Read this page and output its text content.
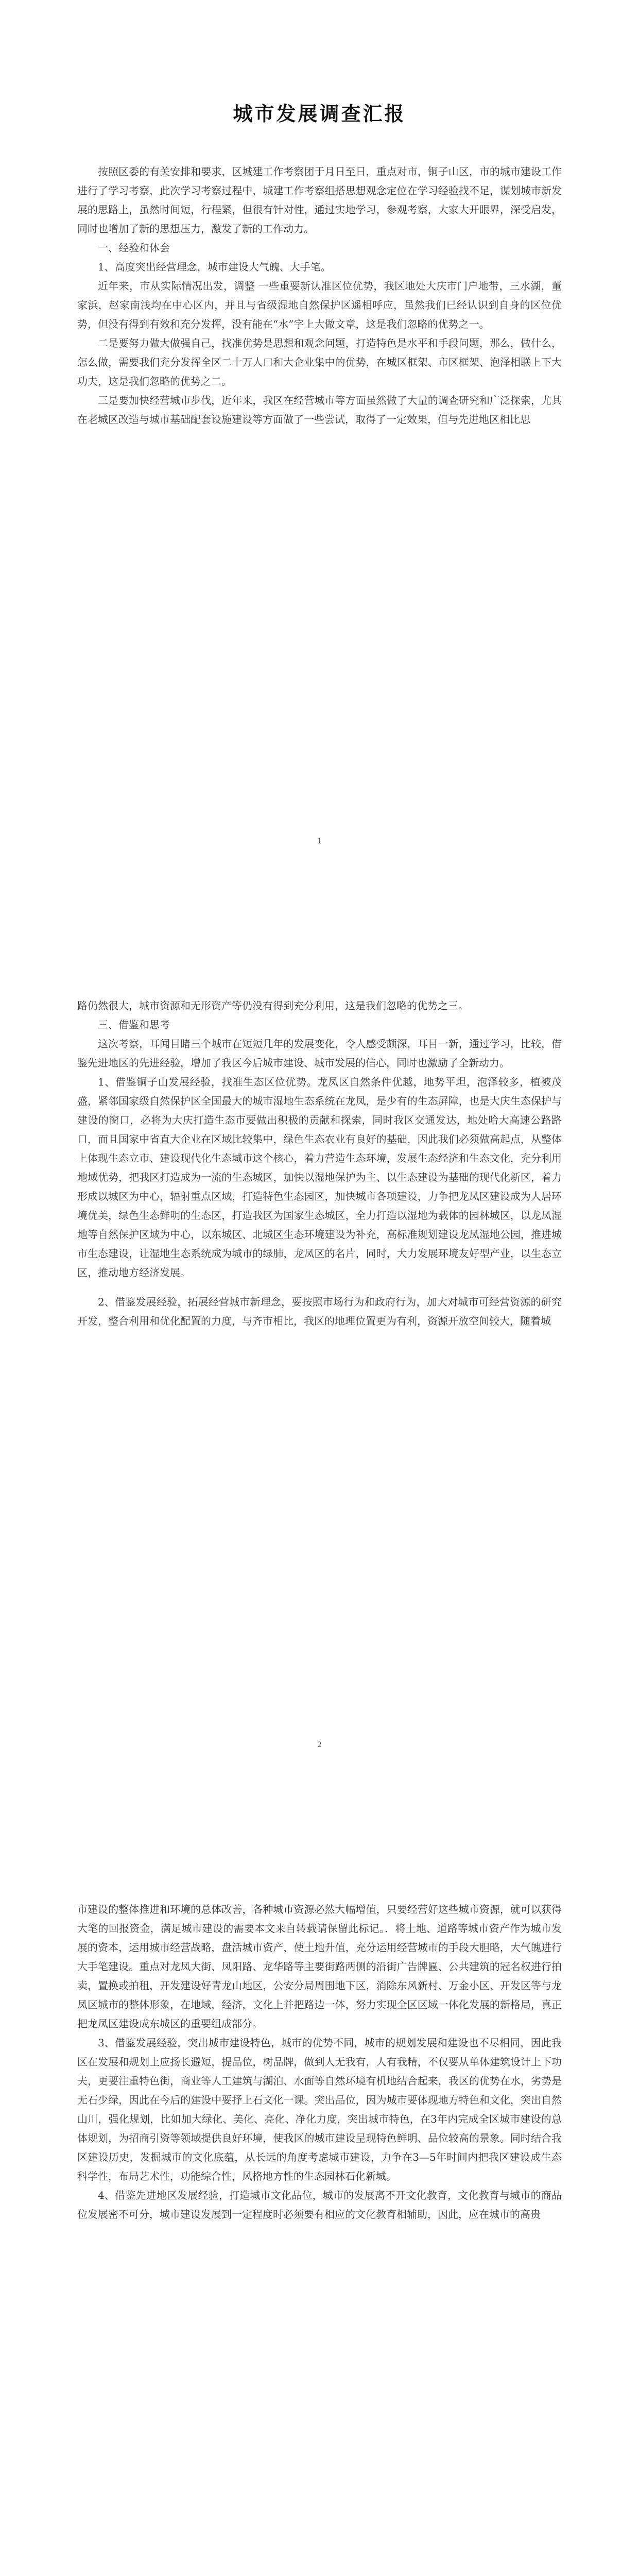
城市发展调查汇报

按照区委的有关安排和要求，区城建工作考察团于月日至日，重点对市，铜子山区，市的城市建设工作进行了学习考察，此次学习考察过程中，城建工作考察组搭思想观念定位在学习经验找不足，谋划城市新发展的思路上，虽然时间短，行程紧，但很有针对性，通过实地学习，参观考察，大家大开眼界，深受启发，同时也增加了新的思想压力，激发了新的工作动力。

一、经验和体会

1、高度突出经营理念，城市建设大气魄、大手笔。

近年来，市从实际情况出发，调整 一些重要新认准区位优势，我区地处大庆市门户地带，三水湖，董家浜，赵家南浅均在中心区内，并且与省级湿地自然保护区遥相呼应，虽然我们已经认识到自身的区位优势，但没有得到有效和充分发挥，没有能在“水”字上大做文章，这是我们忽略的优势之一。

二是要努力做大做强自己，找准优势是思想和观念问题，打造特色是水平和手段问题，那么，做什么，怎么做，需要我们充分发挥全区二十万人口和大企业集中的优势，在城区框架、市区框架、泡泽相联上下大功夫，这是我们忽略的优势之二。

三是要加快经营城市步伐，近年来，我区在经营城市等方面虽然做了大量的调查研究和广泛探索，尤其在老城区改造与城市基础配套设施建设等方面做了一些尝试，取得了一定效果，但与先进地区相比思

1

路仍然很大，城市资源和无形资产等仍没有得到充分利用，这是我们忽略的优势之三。

三、借鉴和思考

这次考察，耳闻目睹三个城市在短短几年的发展变化，令人感受颇深，耳目一新，通过学习，比较，借鉴先进地区的先进经验，增加了我区今后城市建设、城市发展的信心，同时也激励了全新动力。

1、借鉴铜子山发展经验，找准生态区位优势。龙凤区自然条件优越，地势平坦，泡泽较多，植被茂盛，紧邻国家级自然保护区全国最大的城市湿地生态系统在龙凤，是少有的生态屏障，也是大庆生态保护与建设的窗口，必将为大庆打造生态市要做出积极的贡献和探索，同时我区交通发达，地处哈大高速公路路口，而且国家中省直大企业在区域比较集中，绿色生态农业有良好的基础，因此我们必须做高起点，从整体上体现生态立市、建设现代化生态城市这个核心，着力营造生态环境，发展生态经济和生态文化，充分利用地域优势，把我区打造成为一流的生态城区，加快以湿地保护为主、以生态建设为基础的现代化新区，着力形成以城区为中心，辐射重点区域，打造特色生态园区，加快城市各项建设，力争把龙凤区建设成为人居环境优美，绿色生态鲜明的生态区，打造我区为国家生态城区，全力打造以湿地为载体的园林城区，以龙凤湿地等自然保护区域为中心，以东城区、北城区生态环境建设为补充，高标准规划建设龙凤湿地公园，推进城市生态建设，让湿地生态系统成为城市的绿肺，龙凤区的名片，同时，大力发展环境友好型产业，以生态立区，推动地方经济发展。

2、借鉴发展经验，拓展经营城市新理念，要按照市场行为和政府行为，加大对城市可经营资源的研究开发，整合利用和优化配置的力度，与齐市相比，我区的地理位置更为有利，资源开放空间较大，随着城

2

市建设的整体推进和环境的总体改善，各种城市资源必然大幅增值，只要经营好这些城市资源，就可以获得大笔的回报资金，满足城市建设的需要本文来自转载请保留此标记。．将土地、道路等城市资产作为城市发展的资本，运用城市经营战略，盘活城市资产，使土地升值，充分运用经营城市的手段大胆略，大气魄进行大手笔建设。重点对龙凤大街、凤阳路、龙华路等主要街路两侧的沿街广告牌匾、公共建筑的冠名权进行拍卖，置换或拍租，开发建设好青龙山地区，公安分局周围地下区，消除东风新村、万金小区、开发区等与龙凤区城市的整体形象，在地域，经济，文化上并把路边一体，努力实现全区区域一体化发展的新格局，真正把龙凤区建设成东城区的重要组成部分。

3、借鉴发展经验，突出城市建设特色，城市的优势不同，城市的规划发展和建设也不尽相同，因此我区在发展和规划上应扬长避短，提品位，树品牌，做到人无我有，人有我精，不仅要从单体建筑设计上下功夫，更要注重特色街，商业等人工建筑与湖泊、水面等自然环境有机地结合起来，我区的优势在水，劣势是无石少绿，因此在今后的建设中要抒上石文化一课。突出品位，因为城市要体现地方特色和文化，突出自然山川，强化规划，比如加大绿化、美化、亮化、净化力度，突出城市特色，在3年内完成全区城市建设的总体规划，为招商引资等领域提供良好环境，使我区的城市建设呈现特色鲜明、品位较高的景象。同时结合我区建设历史，发掘城市的文化底蕴，从长远的角度考虑城市建设，力争在3—5年时间内把我区建设成生态科学性，布局艺术性，功能综合性，风格地方性的生态园林石化新城。

4、借鉴先进地区发展经验，打造城市文化品位，城市的发展离不开文化教育，文化教育与城市的商品位发展密不可分，城市建设发展到一定程度时必须要有相应的文化教育相辅助，因此，应在城市的高贵
